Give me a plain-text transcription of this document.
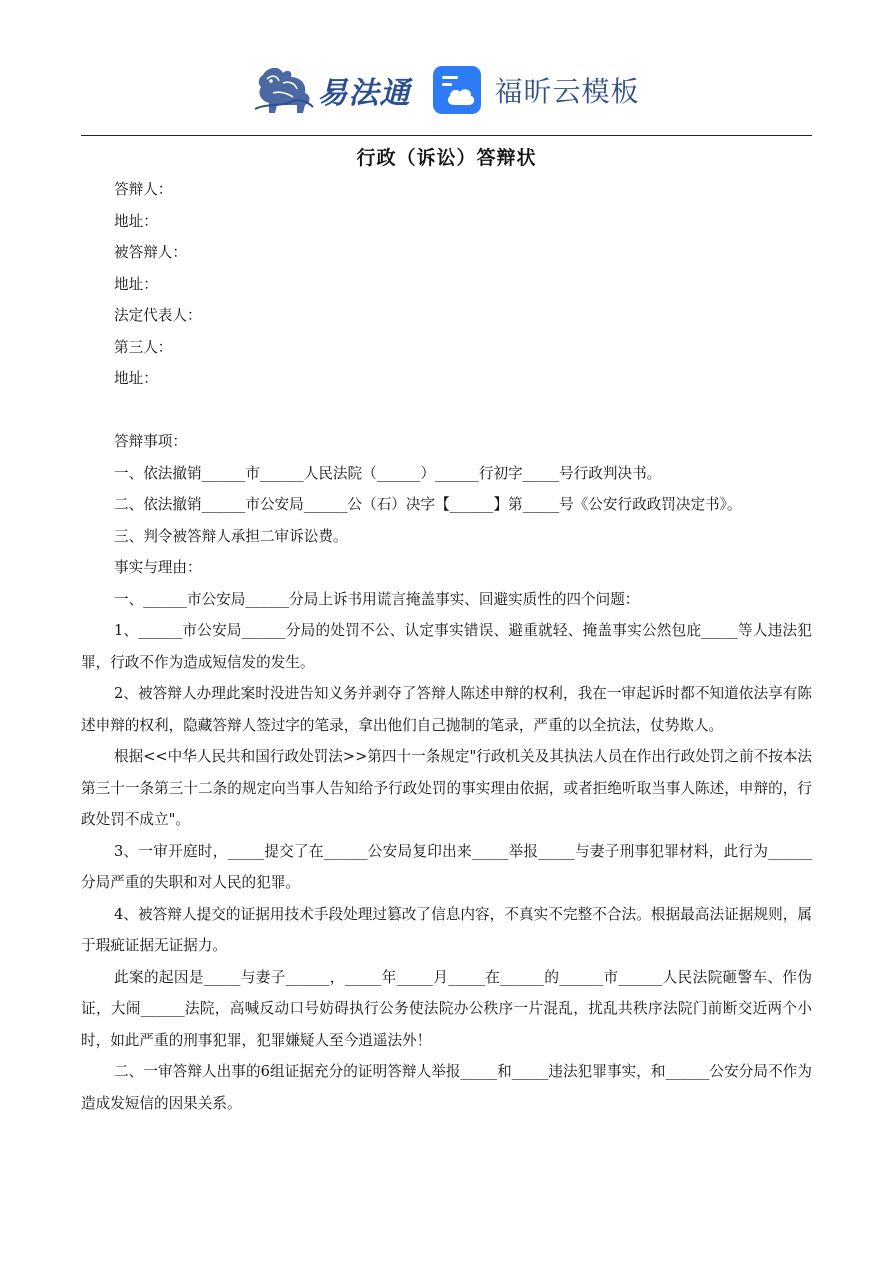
易法通	福昕云模板
行政（诉讼）答辩状

答辩人：

地址：

被答辩人：

地址：

法定代表人：

第三人：

地址：

答辩事项：

一、依法撤销______市______人民法院（______）______行初字_____号行政判决书。

二、依法撤销______市公安局______公（石）决字【______】第_____号《公安行政政罚决定书》。

三、判令被答辩人承担二审诉讼费。

事实与理由：

一、______市公安局______分局上诉书用谎言掩盖事实、回避实质性的四个问题：

1、______市公安局______分局的处罚不公、认定事实错误、避重就轻、掩盖事实公然包庇_____等人违法犯罪，行政不作为造成短信发的发生。

2、被答辩人办理此案时没进告知义务并剥夺了答辩人陈述申辩的权利，我在一审起诉时都不知道依法享有陈述申辩的权利，隐藏答辩人签过字的笔录，拿出他们自己抛制的笔录，严重的以全抗法，仗势欺人。

根据<<中华人民共和国行政处罚法>>第四十一条规定"行政机关及其执法人员在作出行政处罚之前不按本法第三十一条第三十二条的规定向当事人告知给予行政处罚的事实理由依据，或者拒绝听取当事人陈述，申辩的，行政处罚不成立"。

3、一审开庭时，_____提交了在______公安局复印出来_____举报_____与妻子刑事犯罪材料，此行为______分局严重的失职和对人民的犯罪。

4、被答辩人提交的证据用技术手段处理过篡改了信息内容，不真实不完整不合法。根据最高法证据规则，属于瑕疵证据无证据力。

此案的起因是_____与妻子______，_____年_____月_____在______的______市______人民法院砸警车、作伪证，大闹______法院，高喊反动口号妨碍执行公务使法院办公秩序一片混乱，扰乱共秩序法院门前断交近两个小时，如此严重的刑事犯罪，犯罪嫌疑人至今逍遥法外！

二、一审答辩人出事的6组证据充分的证明答辩人举报_____和_____违法犯罪事实，和______公安分局不作为造成发短信的因果关系。
